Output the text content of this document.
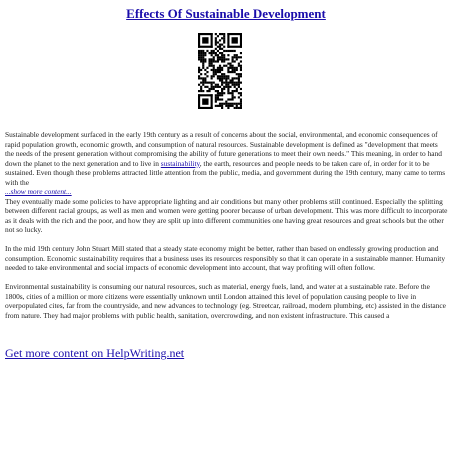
Effects Of Sustainable Development

Sustainable development surfaced in the early 19th century as a result of concerns about the social, environmental, and economic consequences of rapid population growth, economic growth, and consumption of natural resources. Sustainable development is defined as "development that meets the needs of the present generation without compromising the ability of future generations to meet their own needs." This meaning, in order to hand down the planet to the next generation and to live in sustainability, the earth, resources and people needs to be taken care of, in order for it to be sustained. Even though these problems attracted little attention from the public, media, and government during the 19th century, many came to terms with the
...show more content...
They eventually made some policies to have appropriate lighting and air conditions but many other problems still continued. Especially the splitting between different racial groups, as well as men and women were getting poorer because of urban development. This was more difficult to incorporate as it deals with the rich and the poor, and how they are split up into different communities one having great resources and great schools but the other not so lucky.

In the mid 19th century John Stuart Mill stated that a steady state economy might be better, rather than based on endlessly growing production and consumption. Economic sustainability requires that a business uses its resources responsibly so that it can operate in a sustainable manner. Humanity needed to take environmental and social impacts of economic development into account, that way profiting will often follow.

Environmental sustainability is consuming our natural resources, such as material, energy fuels, land, and water at a sustainable rate. Before the 1800s, cities of a million or more citizens were essentially unknown until London attained this level of population causing people to live in overpopulated cites, far from the countryside, and new advances to technology (eg. Streetcar, railroad, modern plumbing, etc) assisted in the distance from nature. They had major problems with public health, sanitation, overcrowding, and non existent infrastructure. This caused a

Get more content on HelpWriting.net
